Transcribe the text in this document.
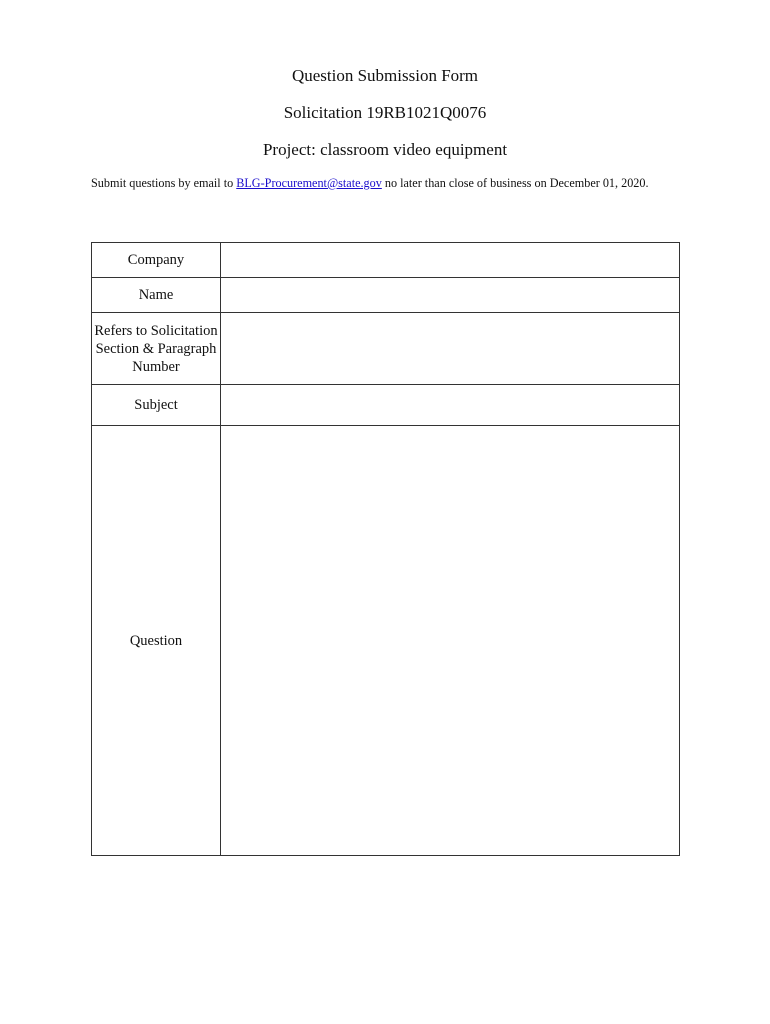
Question Submission Form
Solicitation 19RB1021Q0076
Project: classroom video equipment
Submit questions by email to BLG-Procurement@state.gov no later than close of business on December 01, 2020.
Company	
Name	
Refers to Solicitation Section & Paragraph Number	
Subject	
Question	
